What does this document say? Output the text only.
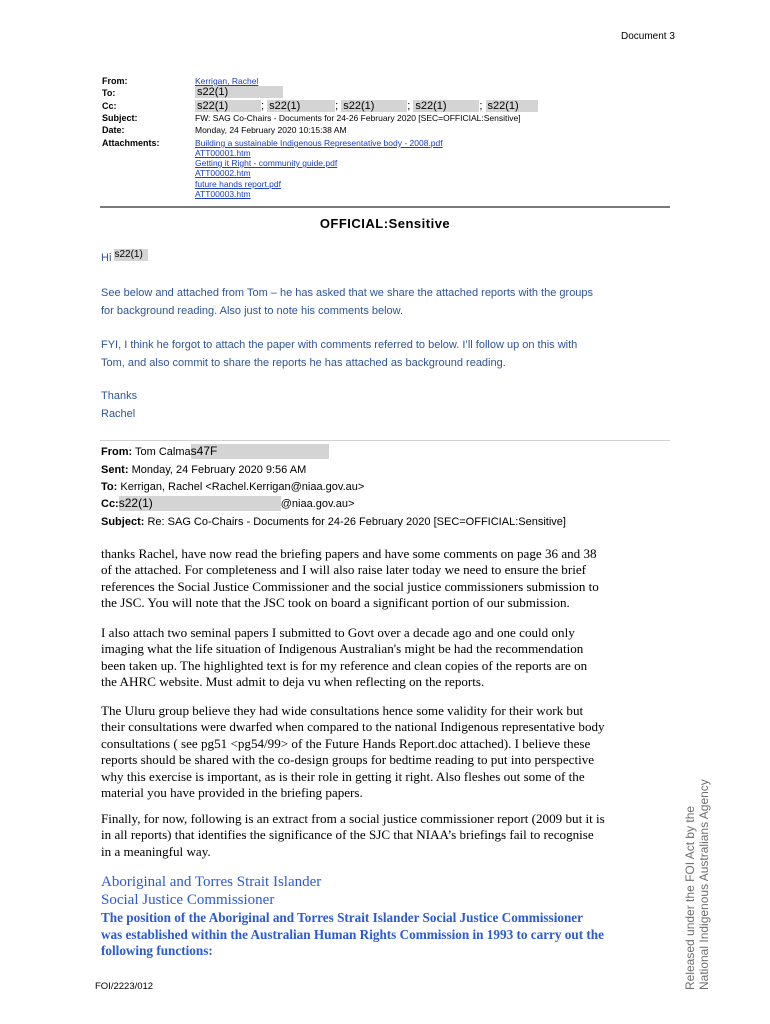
Document 3
From:	Kerrigan, Rachel
To:	s22(1)
Cc:	s22(1)	; s22(1)	; s22(1)	; s22(1)	; s22(1)
Subject:	FW: SAG Co-Chairs - Documents for 24-26 February 2020 [SEC=OFFICIAL:Sensitive]
Date:	Monday, 24 February 2020 10:15:38 AM
Attachments:	Building a sustainable Indigenous Representative body - 2008.pdf
ATT00001.htm
Getting it Right - community guide.pdf
ATT00002.htm
future hands report.pdf
ATT00003.htm
OFFICIAL:Sensitive
Hi s22(1)
See below and attached from Tom – he has asked that we share the attached reports with the groups
for background reading. Also just to note his comments below.
FYI, I think he forgot to attach the paper with comments referred to below. I’ll follow up on this with
Tom, and also commit to share the reports he has attached as background reading.
Thanks
Rachel
From: Tom Calmas47F
Sent: Monday, 24 February 2020 9:56 AM
To: Kerrigan, Rachel <Rachel.Kerrigan@niaa.gov.au>
Cc:s22(1)	@niaa.gov.au>
Subject: Re: SAG Co-Chairs - Documents for 24-26 February 2020 [SEC=OFFICIAL:Sensitive]
thanks Rachel, have now read the briefing papers and have some comments on page 36 and 38
of the attached. For completeness and I will also raise later today we need to ensure the brief
references the Social Justice Commissioner and the social justice commissioners submission to
the JSC. You will note that the JSC took on board a significant portion of our submission.
I also attach two seminal papers I submitted to Govt over a decade ago and one could only
imaging what the life situation of Indigenous Australian's might be had the recommendation
been taken up. The highlighted text is for my reference and clean copies of the reports are on
the AHRC website. Must admit to deja vu when reflecting on the reports.
The Uluru group believe they had wide consultations hence some validity for their work but
their consultations were dwarfed when compared to the national Indigenous representative body
consultations ( see pg51 <pg54/99> of the Future Hands Report.doc attached). I believe these
reports should be shared with the co-design groups for bedtime reading to put into perspective
why this exercise is important, as is their role in getting it right. Also fleshes out some of the
material you have provided in the briefing papers.
Finally, for now, following is an extract from a social justice commissioner report (2009 but it is
in all reports) that identifies the significance of the SJC that NIAA’s briefings fail to recognise
in a meaningful way.
Aboriginal and Torres Strait Islander
Social Justice Commissioner
The position of the Aboriginal and Torres Strait Islander Social Justice Commissioner
was established within the Australian Human Rights Commission in 1993 to carry out the
following functions:
FOI/2223/012	Released under the FOI Act by the National Indigenous Australians Agency
